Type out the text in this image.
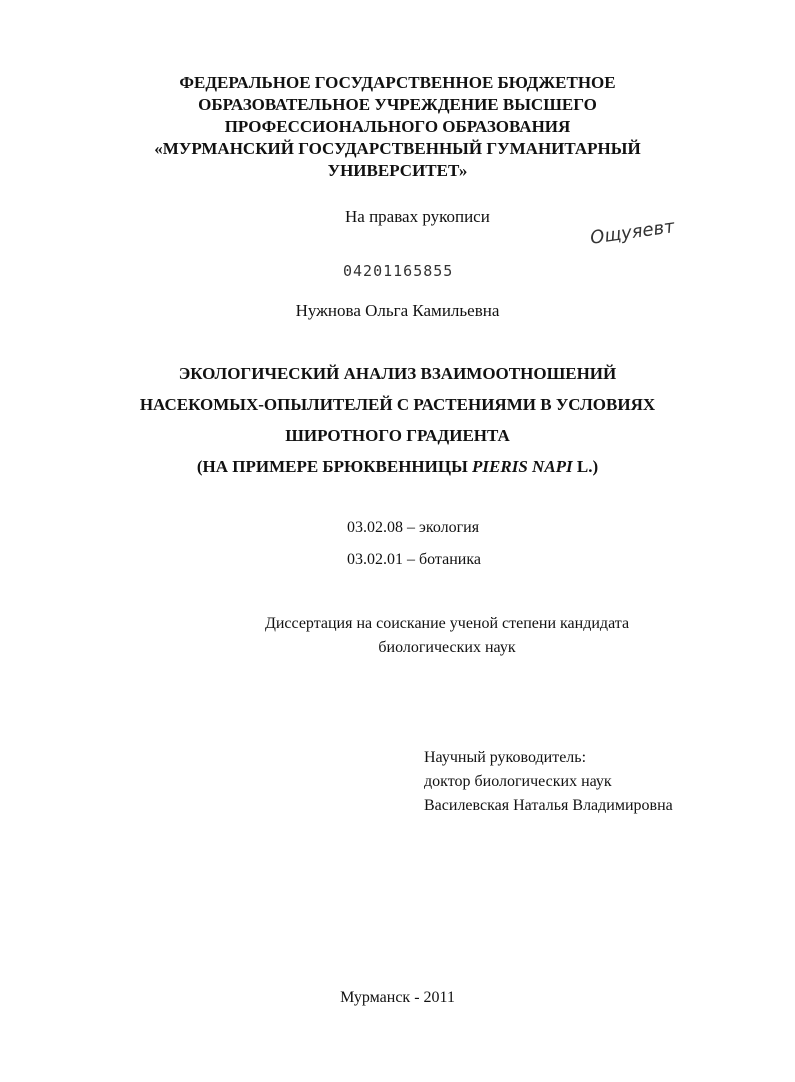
ФЕДЕРАЛЬНОЕ ГОСУДАРСТВЕННОЕ БЮДЖЕТНОЕ
ОБРАЗОВАТЕЛЬНОЕ УЧРЕЖДЕНИЕ ВЫСШЕГО
ПРОФЕССИОНАЛЬНОГО ОБРАЗОВАНИЯ
«МУРМАНСКИЙ ГОСУДАРСТВЕННЫЙ ГУМАНИТАРНЫЙ
УНИВЕРСИТЕТ»
На правах рукописи	Ощуяевт
04201165855
Нужнова Ольга Камильевна
ЭКОЛОГИЧЕСКИЙ АНАЛИЗ ВЗАИМООТНОШЕНИЙ
НАСЕКОМЫХ-ОПЫЛИТЕЛЕЙ С РАСТЕНИЯМИ В УСЛОВИЯХ
ШИРОТНОГО ГРАДИЕНТА
(НА ПРИМЕРЕ БРЮКВЕННИЦЫ PIERIS NAPI L.)
03.02.08 – экология
03.02.01 – ботаника
Диссертация на соискание ученой степени кандидата
биологических наук
Научный руководитель:
доктор биологических наук
Василевская Наталья Владимировна
Мурманск - 2011
